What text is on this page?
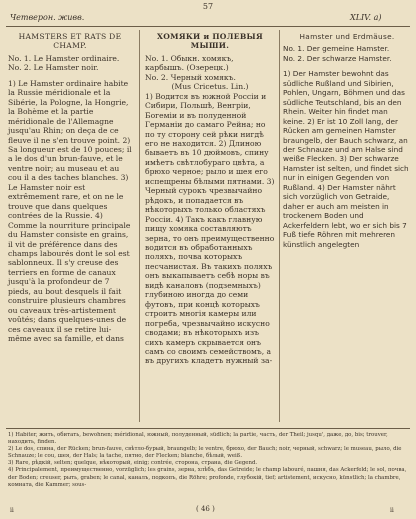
57
Четверон. живв.	XLIV. a)

HAMSTERS ET RATS DE CHAMP.

No. 1. Le Hamster ordinaire.

No. 2. Le Hamster noir.

1) Le Hamster ordinaire habite la Russie méridionale et la Sibérie, la Pologne, la Hongrie, la Bohème et la partie méridionale de l'Allemagne jusqu'au Rhin; on deça de ce fleuve il ne s'en trouve point. 2) Sa longueur est de 10 pouces; il a le dos d'un brun-fauve, et le ventre noir; au museau et au cou il a des taches blanches. 3) Le Hamster noir est extrêmement rare, et on ne le trouve que dans quelques contrées de la Russie. 4) Comme la nourriture principale du Hamster consiste en grains, il vit de préférence dans des champs labourés dont le sol est sablonneux. Il s'y creuse des terriers en forme de canaux jusqu'à la profondeur de 7 pieds, au bout desquels il fait construire plusieurs chambres ou caveaux très-artistement voûtés; dans quelques-unes de ces caveaux il se retire lui-même avec sa famille, et dans

ХОМЯКИ и ПОЛЕВЫЯ МЫШИ.

No. 1. Обыкн. хомякъ, карбышъ. (Озерецк.)

No. 2. Черный хомякъ.

(Mus Cricetus. Lin.)

1) Водится въ южной Россіи и Сибири, Польшѣ, Венгріи, Богеміи и въ полуденной Германіи до самаго Рейна; но по ту сторону сей рѣки нигдѣ его не находится. 2) Длиною бываетъ въ 10 дюймовъ, спину имѣетъ свѣтлобураго цвѣта, а брюхо черное; рыло и шея его испещрены бѣлыми пятнами. 3) Черный сурокъ чрезвычайно рѣдокъ, и попадается въ нѣкоторыхъ только областяхъ Россіи. 4) Такъ какъ главную пищу хомяка составляютъ зерна, то онъ преимущественно водится въ обработанныхъ поляхъ, почва которыхъ песчанистая. Въ такихъ поляхъ онъ выкапываетъ себѣ норы въ видѣ каналовъ (подземныхъ) глубиною иногда до семи футовъ, при концѣ которыхъ строитъ многія камеры или погреба, чрезвычайно искусно сводами; въ нѣкоторыхъ изъ сихъ камеръ скрывается онъ самъ со своимъ семействомъ, а въ другихъ кладетъ нужный за-

Hamster und Erdmäuse.

No. 1. Der gemeine Hamster.

No. 2. Der schwarze Hamster.

1) Der Hamster bewohnt das südliche Rußland und Sibirien, Pohlen, Ungarn, Böhmen und das südliche Teutschland, bis an den Rhein. Weiter hin findet man keine. 2) Er ist 10 Zoll lang, der Rücken am gemeinen Hamster braungelb, der Bauch schwarz, an der Schnauze und am Halse sind weiße Flecken. 3) Der schwarze Hamster ist selten, und findet sich nur in einigen Gegenden von Rußland. 4) Der Hamster nährt sich vorzüglich von Getraide, daher er auch am meisten in trockenem Boden und Ackerfeldern lebt, wo er sich bis 7 Fuß tiefe Röhren mit mehreren künstlich angelegten

1) Habiter, жить, обитать, bewohnen; méridional, южный, полуденный, südlich; la partie, часть, der Theil; jusqu', даже, до, bis; trouver, находить, finden.

2) Le dos, спина, der Rücken; brun-fauve, свѣтло-бурый, braungelb; le ventre, брюхо, der Bauch; noir, черный, schwarz; le museau, рыло, die Schnauze; le cou, шея, der Hals; la tache, пятно, der Flecken; blanche, бѣлый, weiß.

3) Rare, рѣдкій, selten; quelque, нѣкоторый, einig; contrée, сторона, страна, die Gegend.

4) Principalement, преимущественно, vorzüglich; les grains, зерна, хлѣбъ, das Getreide; le champ labouré, пашня, das Ackerfeld; le sol, почва, der Boden; creuser, рыть, graben; le canal, каналъ, подкопъ, die Röhre; profonde, глубокій, tief; artistement, искусно, künstlich; la chambre, комната, die Kammer; sous-

ii	( 46 )	ii
